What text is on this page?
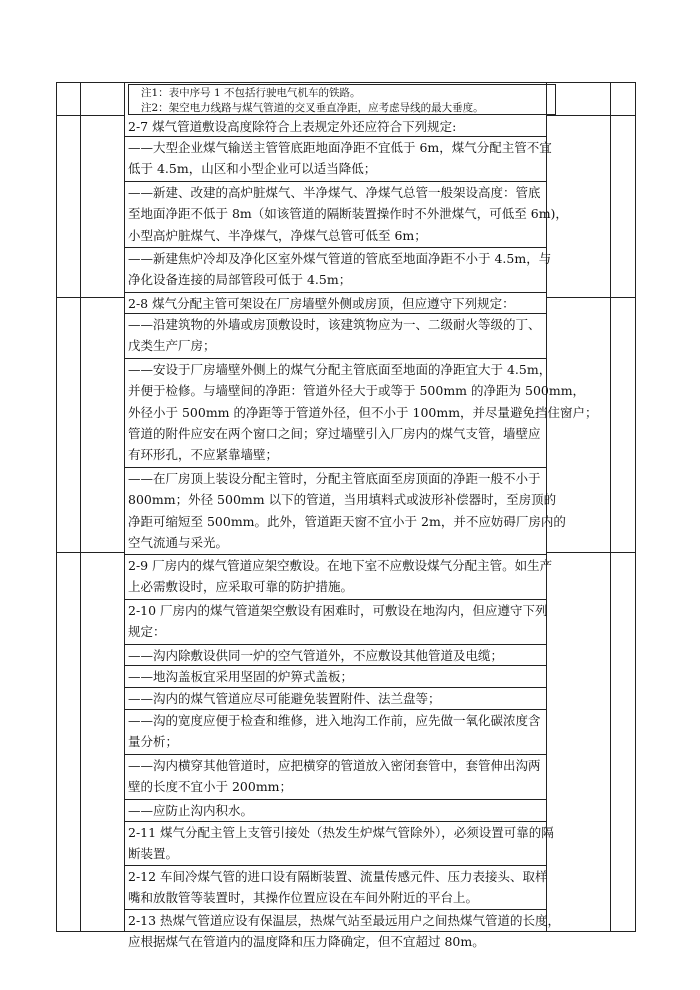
注1：表中序号 1 不包括行驶电气机车的铁路。
注2：架空电力线路与煤气管道的交叉垂直净距，应考虑导线的最大垂度。
2-7 煤气管道敷设高度除符合上表规定外还应符合下列规定:
——大型企业煤气输送主管管底距地面净距不宜低于 6m，煤气分配主管不宜
低于 4.5m，山区和小型企业可以适当降低；
——新建、改建的高炉脏煤气、半净煤气、净煤气总管一般架设高度：管底
至地面净距不低于 8m（如该管道的隔断装置操作时不外泄煤气，可低至 6m)，
小型高炉脏煤气、半净煤气，净煤气总管可低至 6m；
——新建焦炉冷却及净化区室外煤气管道的管底至地面净距不小于 4.5m，与
净化设备连接的局部管段可低于 4.5m；
2-8 煤气分配主管可架设在厂房墙壁外侧或房顶，但应遵守下列规定：
——沿建筑物的外墙或房顶敷设时，该建筑物应为一、二级耐火等级的丁、
戊类生产厂房；
——安设于厂房墙壁外侧上的煤气分配主管底面至地面的净距宜大于 4.5m，
并便于检修。与墙壁间的净距：管道外径大于或等于 500mm 的净距为 500mm，
外径小于 500mm 的净距等于管道外径，但不小于 100mm，并尽量避免挡住窗户；
管道的附件应安在两个窗口之间；穿过墙壁引入厂房内的煤气支管，墙壁应
有环形孔，不应紧靠墙壁；
——在厂房顶上装设分配主管时，分配主管底面至房顶面的净距一般不小于
800mm；外径 500mm 以下的管道，当用填料式或波形补偿器时，至房顶的
净距可缩短至 500mm。此外，管道距天窗不宜小于 2m，并不应妨碍厂房内的
空气流通与采光。
2-9 厂房内的煤气管道应架空敷设。在地下室不应敷设煤气分配主管。如生产
上必需敷设时，应采取可靠的防护措施。
2-10 厂房内的煤气管道架空敷设有困难时，可敷设在地沟内，但应遵守下列
规定：
——沟内除敷设供同一炉的空气管道外，不应敷设其他管道及电缆；
——地沟盖板宜采用坚固的炉箅式盖板；
——沟内的煤气管道应尽可能避免装置附件、法兰盘等；
——沟的宽度应便于检查和维修，进入地沟工作前，应先做一氧化碳浓度含
量分析；
——沟内横穿其他管道时，应把横穿的管道放入密闭套管中，套管伸出沟两
壁的长度不宜小于 200mm；
——应防止沟内积水。
2-11 煤气分配主管上支管引接处（热发生炉煤气管除外），必须设置可靠的隔
断装置。
2-12 车间冷煤气管的进口设有隔断装置、流量传感元件、压力表接头、取样
嘴和放散管等装置时，其操作位置应设在车间外附近的平台上。
2-13 热煤气管道应设有保温层，热煤气站至最远用户之间热煤气管道的长度，
应根据煤气在管道内的温度降和压力降确定，但不宜超过 80m。
